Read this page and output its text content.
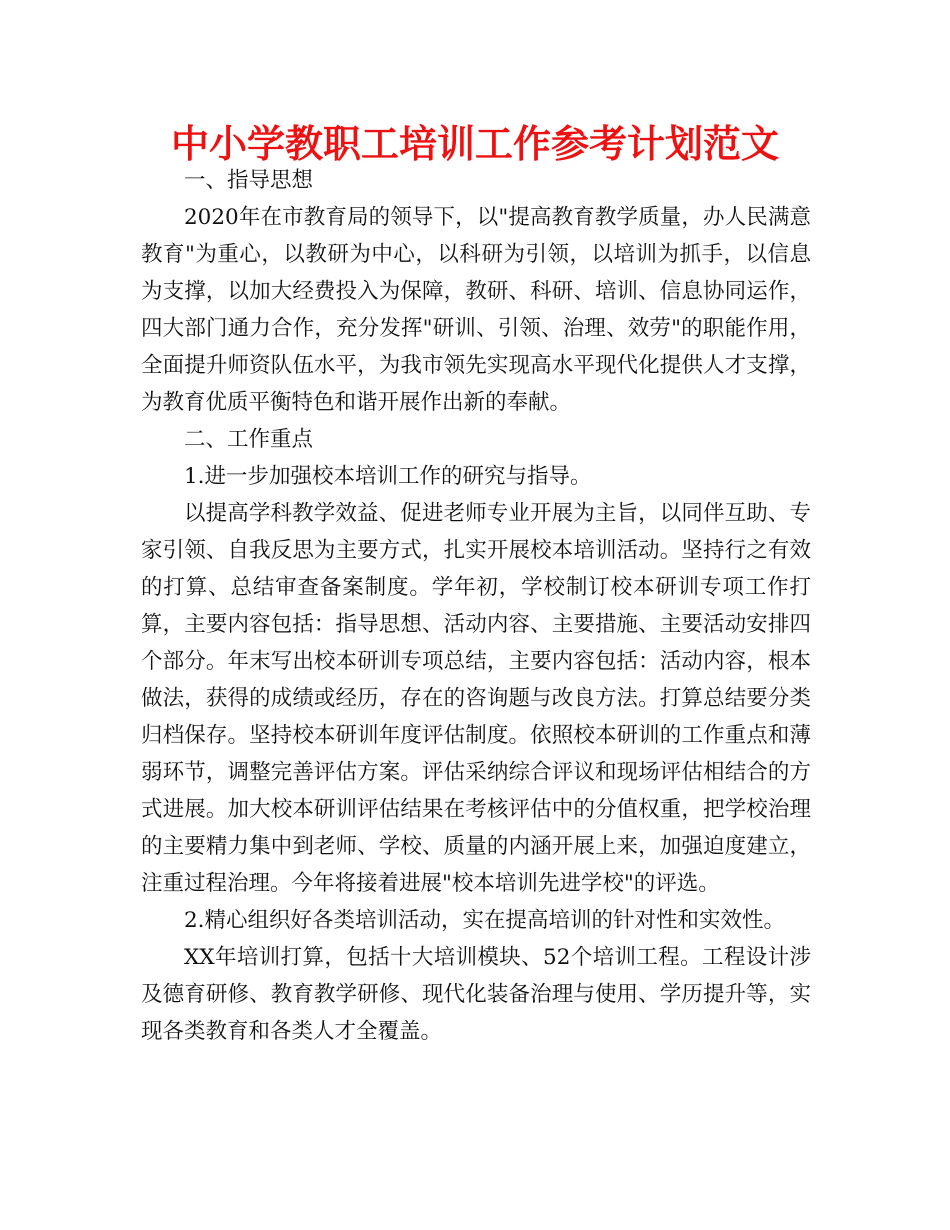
中小学教职工培训工作参考计划范文

一、指导思想

2020年在市教育局的领导下，以"提高教育教学质量，办人民满意教育"为重心，以教研为中心，以科研为引领，以培训为抓手，以信息为支撑，以加大经费投入为保障，教研、科研、培训、信息协同运作，四大部门通力合作，充分发挥"研训、引领、治理、效劳"的职能作用，全面提升师资队伍水平，为我市领先实现高水平现代化提供人才支撑，为教育优质平衡特色和谐开展作出新的奉献。

二、工作重点

1.进一步加强校本培训工作的研究与指导。

以提高学科教学效益、促进老师专业开展为主旨，以同伴互助、专家引领、自我反思为主要方式，扎实开展校本培训活动。坚持行之有效的打算、总结审查备案制度。学年初，学校制订校本研训专项工作打算，主要内容包括：指导思想、活动内容、主要措施、主要活动安排四个部分。年末写出校本研训专项总结，主要内容包括：活动内容，根本做法，获得的成绩或经历，存在的咨询题与改良方法。打算总结要分类归档保存。坚持校本研训年度评估制度。依照校本研训的工作重点和薄弱环节，调整完善评估方案。评估采纳综合评议和现场评估相结合的方式进展。加大校本研训评估结果在考核评估中的分值权重，把学校治理的主要精力集中到老师、学校、质量的内涵开展上来，加强迫度建立，注重过程治理。今年将接着进展"校本培训先进学校"的评选。

2.精心组织好各类培训活动，实在提高培训的针对性和实效性。

XX年培训打算，包括十大培训模块、52个培训工程。工程设计涉及德育研修、教育教学研修、现代化装备治理与使用、学历提升等，实现各类教育和各类人才全覆盖。
